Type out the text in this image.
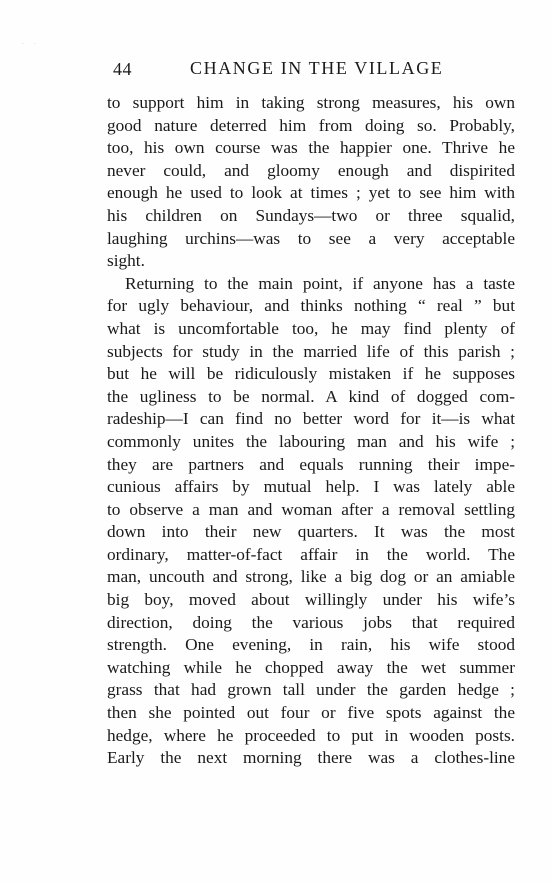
· ·
44	CHANGE IN THE VILLAGE
to support him in taking strong measures, his own
good nature deterred him from doing so. Probably,
too, his own course was the happier one. Thrive he
never could, and gloomy enough and dispirited
enough he used to look at times ; yet to see him with
his children on Sundays—two or three squalid,
laughing urchins—was to see a very acceptable
sight.
Returning to the main point, if anyone has a taste
for ugly behaviour, and thinks nothing “ real ” but
what is uncomfortable too, he may find plenty of
subjects for study in the married life of this parish ;
but he will be ridiculously mistaken if he supposes
the ugliness to be normal. A kind of dogged com-
radeship—I can find no better word for it—is what
commonly unites the labouring man and his wife ;
they are partners and equals running their impe-
cunious affairs by mutual help. I was lately able
to observe a man and woman after a removal settling
down into their new quarters. It was the most
ordinary, matter-of-fact affair in the world. The
man, uncouth and strong, like a big dog or an amiable
big boy, moved about willingly under his wife’s
direction, doing the various jobs that required
strength. One evening, in rain, his wife stood
watching while he chopped away the wet summer
grass that had grown tall under the garden hedge ;
then she pointed out four or five spots against the
hedge, where he proceeded to put in wooden posts.
Early the next morning there was a clothes-line
